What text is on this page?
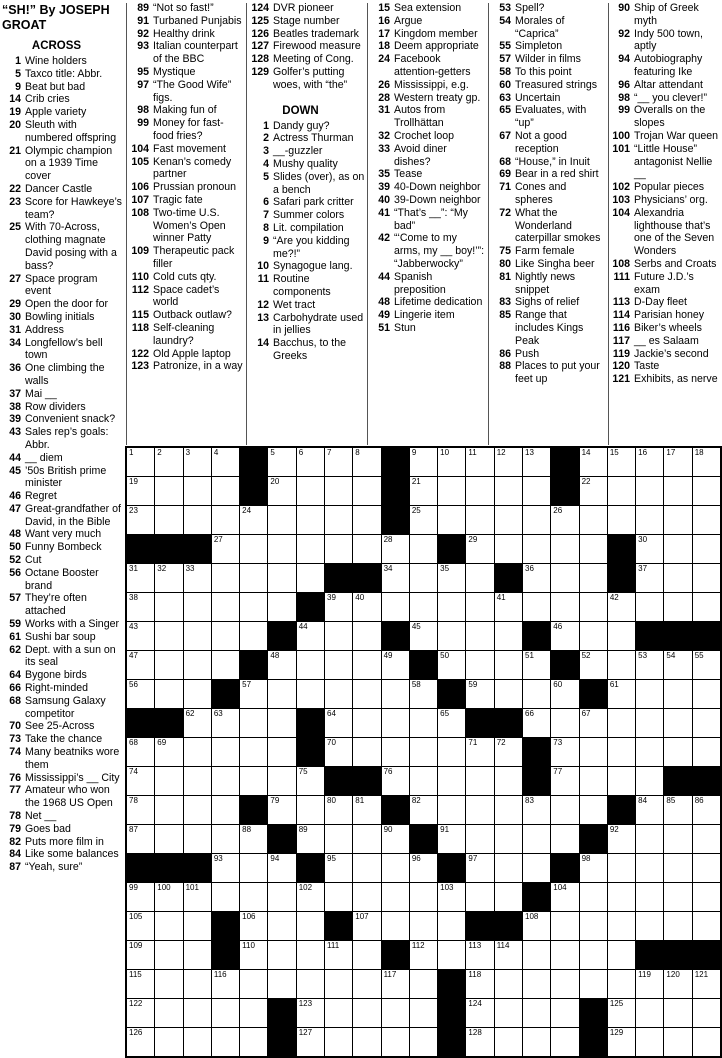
“SH!” By JOSEPH GROAT
ACROSS
1 Wine holders
5 Taxco title: Abbr.
9 Beat but bad
14 Crib cries
19 Apple variety
20 Sleuth with numbered offspring
21 Olympic champion on a 1939 Time cover
22 Dancer Castle
23 Score for Hawkeye’s team?
25 With 70-Across, clothing magnate David posing with a bass?
27 Space program event
29 Open the door for
30 Bowling initials
31 Address
34 Longfellow’s bell town
36 One climbing the walls
37 Mai __
38 Row dividers
39 Convenient snack?
43 Sales rep’s goals: Abbr.
44 __ diem
45 ’50s British prime minister
46 Regret
47 Great-grandfather of David, in the Bible
48 Want very much
50 Funny Bombeck
52 Cut
56 Octane Booster brand
57 They’re often attached
59 Works with a Singer
61 Sushi bar soup
62 Dept. with a sun on its seal
64 Bygone birds
66 Right-minded
68 Samsung Galaxy competitor
70 See 25-Across
73 Take the chance
74 Many beatniks wore them
76 Mississippi’s __ City
77 Amateur who won the 1968 US Open
78 Net __
79 Goes bad
82 Puts more film in
84 Like some balances
87 “Yeah, sure”
89 “Not so fast!”
91 Turbaned Punjabis
92 Healthy drink
93 Italian counterpart of the BBC
95 Mystique
97 “The Good Wife” figs.
98 Making fun of
99 Money for fast-food fries?
104 Fast movement
105 Kenan’s comedy partner
106 Prussian pronoun
107 Tragic fate
108 Two-time U.S. Women’s Open winner Patty
109 Therapeutic pack filler
110 Cold cuts qty.
112 Space cadet’s world
115 Outback outlaw?
118 Self-cleaning laundry?
122 Old Apple laptop
123 Patronize, in a way
124 DVR pioneer
125 Stage number
126 Beatles trademark
127 Firewood measure
128 Meeting of Cong.
129 Golfer’s putting woes, with “the”
DOWN
1 Dandy guy?
2 Actress Thurman
3 __-guzzler
4 Mushy quality
5 Slides (over), as on a bench
6 Safari park critter
7 Summer colors
8 Lit. compilation
9 “Are you kidding me?!”
10 Synagogue lang.
11 Routine components
12 Wet tract
13 Carbohydrate used in jellies
14 Bacchus, to the Greeks
15 Sea extension
16 Argue
17 Kingdom member
18 Deem appropriate
24 Facebook attention-getters
26 Mississippi, e.g.
28 Western treaty gp.
31 Autos from Trollhättan
32 Crochet loop
33 Avoid diner dishes?
35 Tease
39 40-Down neighbor
40 39-Down neighbor
41 “That’s __”: “My bad”
42 “‘Come to my arms, my __ boy!’”: “Jabberwocky”
44 Spanish preposition
48 Lifetime dedication
49 Lingerie item
51 Stun
53 Spell?
54 Morales of “Caprica”
55 Simpleton
57 Wilder in films
58 To this point
60 Treasured strings
63 Uncertain
65 Evaluates, with “up”
67 Not a good reception
68 “House,” in Inuit
69 Bear in a red shirt
71 Cones and spheres
72 What the Wonderland caterpillar smokes
75 Farm female
80 Like Singha beer
81 Nightly news snippet
83 Sighs of relief
85 Range that includes Kings Peak
86 Push
88 Places to put your feet up
90 Ship of Greek myth
92 Indy 500 town, aptly
94 Autobiography featuring Ike
96 Altar attendant
98 “__ you clever!”
99 Overalls on the slopes
100 Trojan War queen
101 “Little House” antagonist Nellie __
102 Popular pieces
103 Physicians’ org.
104 Alexandria lighthouse that’s one of the Seven Wonders
108 Serbs and Croats
111 Future J.D.’s exam
113 D-Day fleet
114 Parisian honey
116 Biker’s wheels
117 __ es Salaam
119 Jackie’s second
120 Taste
121 Exhibits, as nerve
1	2	3	4	5	6	7	8	9	10 11 12 13	14 15 16 17 18
19	20	21	22
23	24	25	26
27	28	29	30
31 32 33	34	35	36	37
38	39 40	41	42
43	44	45	46
47	48	49	50	51	52	53 54 55
56	57	58	59	60	61
62 63	64	65	66	67
68 69	70	71 72	73
74	75	76	77
78	79	80 81	82	83	84 85 86
87	88	89	90	91	92
93	94	95	96	97	98
99 100 101	102	103	104
105	106	107	108
109	110	111	112	113 114
115	116	117	118	119 120 121
122	123	124	125
126	127	128	129
